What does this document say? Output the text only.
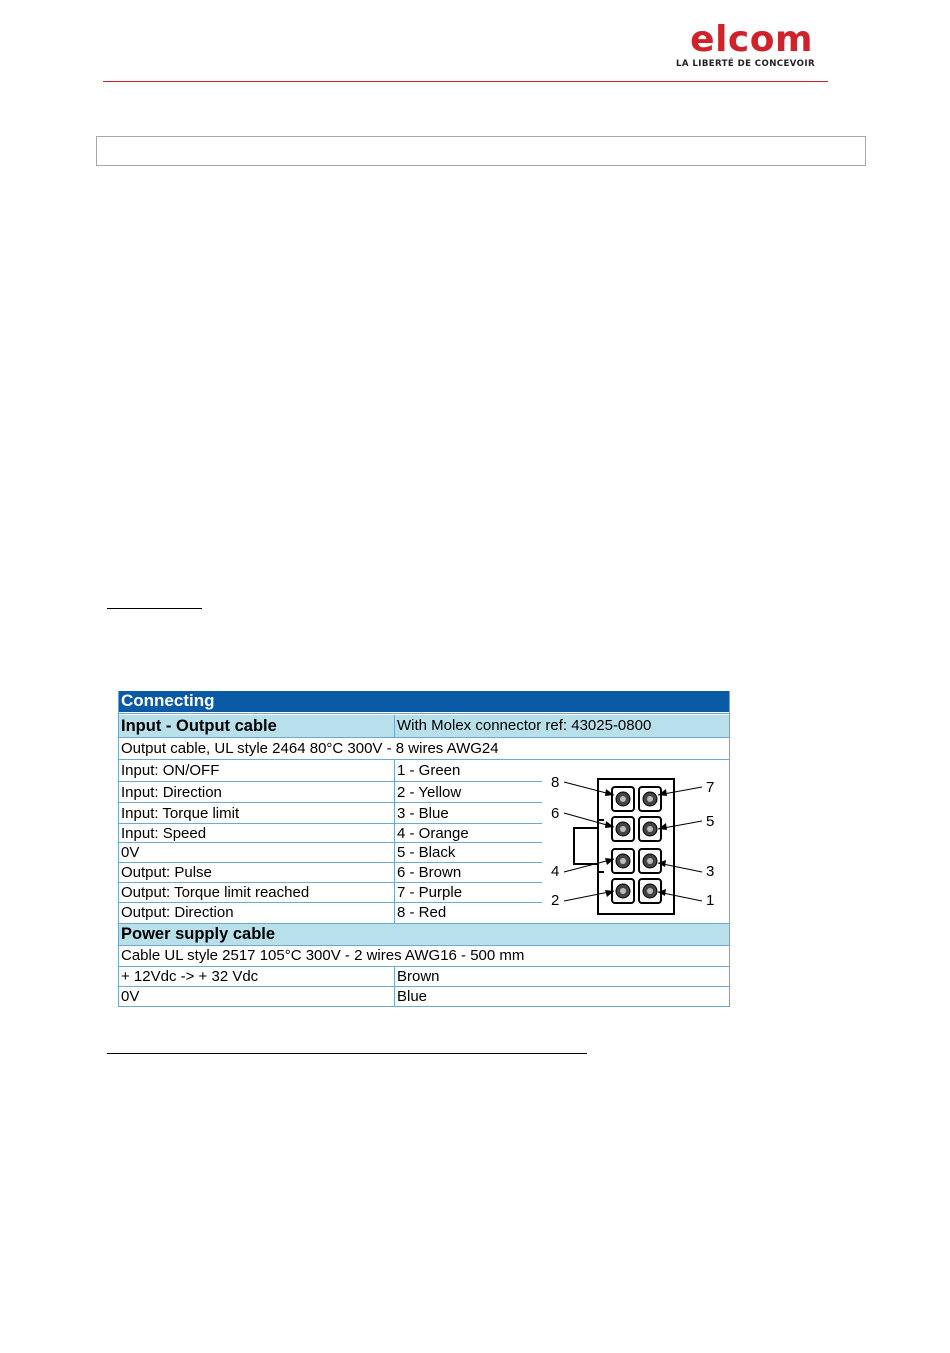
elcom
LA LIBERTÉ DE CONCEVOIR
Connecting
Input - Output cable	With Molex connector ref: 43025-0800
Output cable, UL style 2464 80°C 300V - 8 wires AWG24
Input: ON/OFF	1 - Green
Input: Direction	2 - Yellow
Input: Torque limit	3 - Blue
Input: Speed	4 - Orange
0V	5 - Black
Output: Pulse	6 - Brown
Output: Torque limit reached	7 - Purple
Output: Direction	8 - Red
Power supply cable
Cable UL style 2517 105°C 300V - 2 wires AWG16 - 500 mm
+ 12Vdc -> + 32 Vdc	Brown
0V	Blue
8	7
6	5
4	3
2	1
